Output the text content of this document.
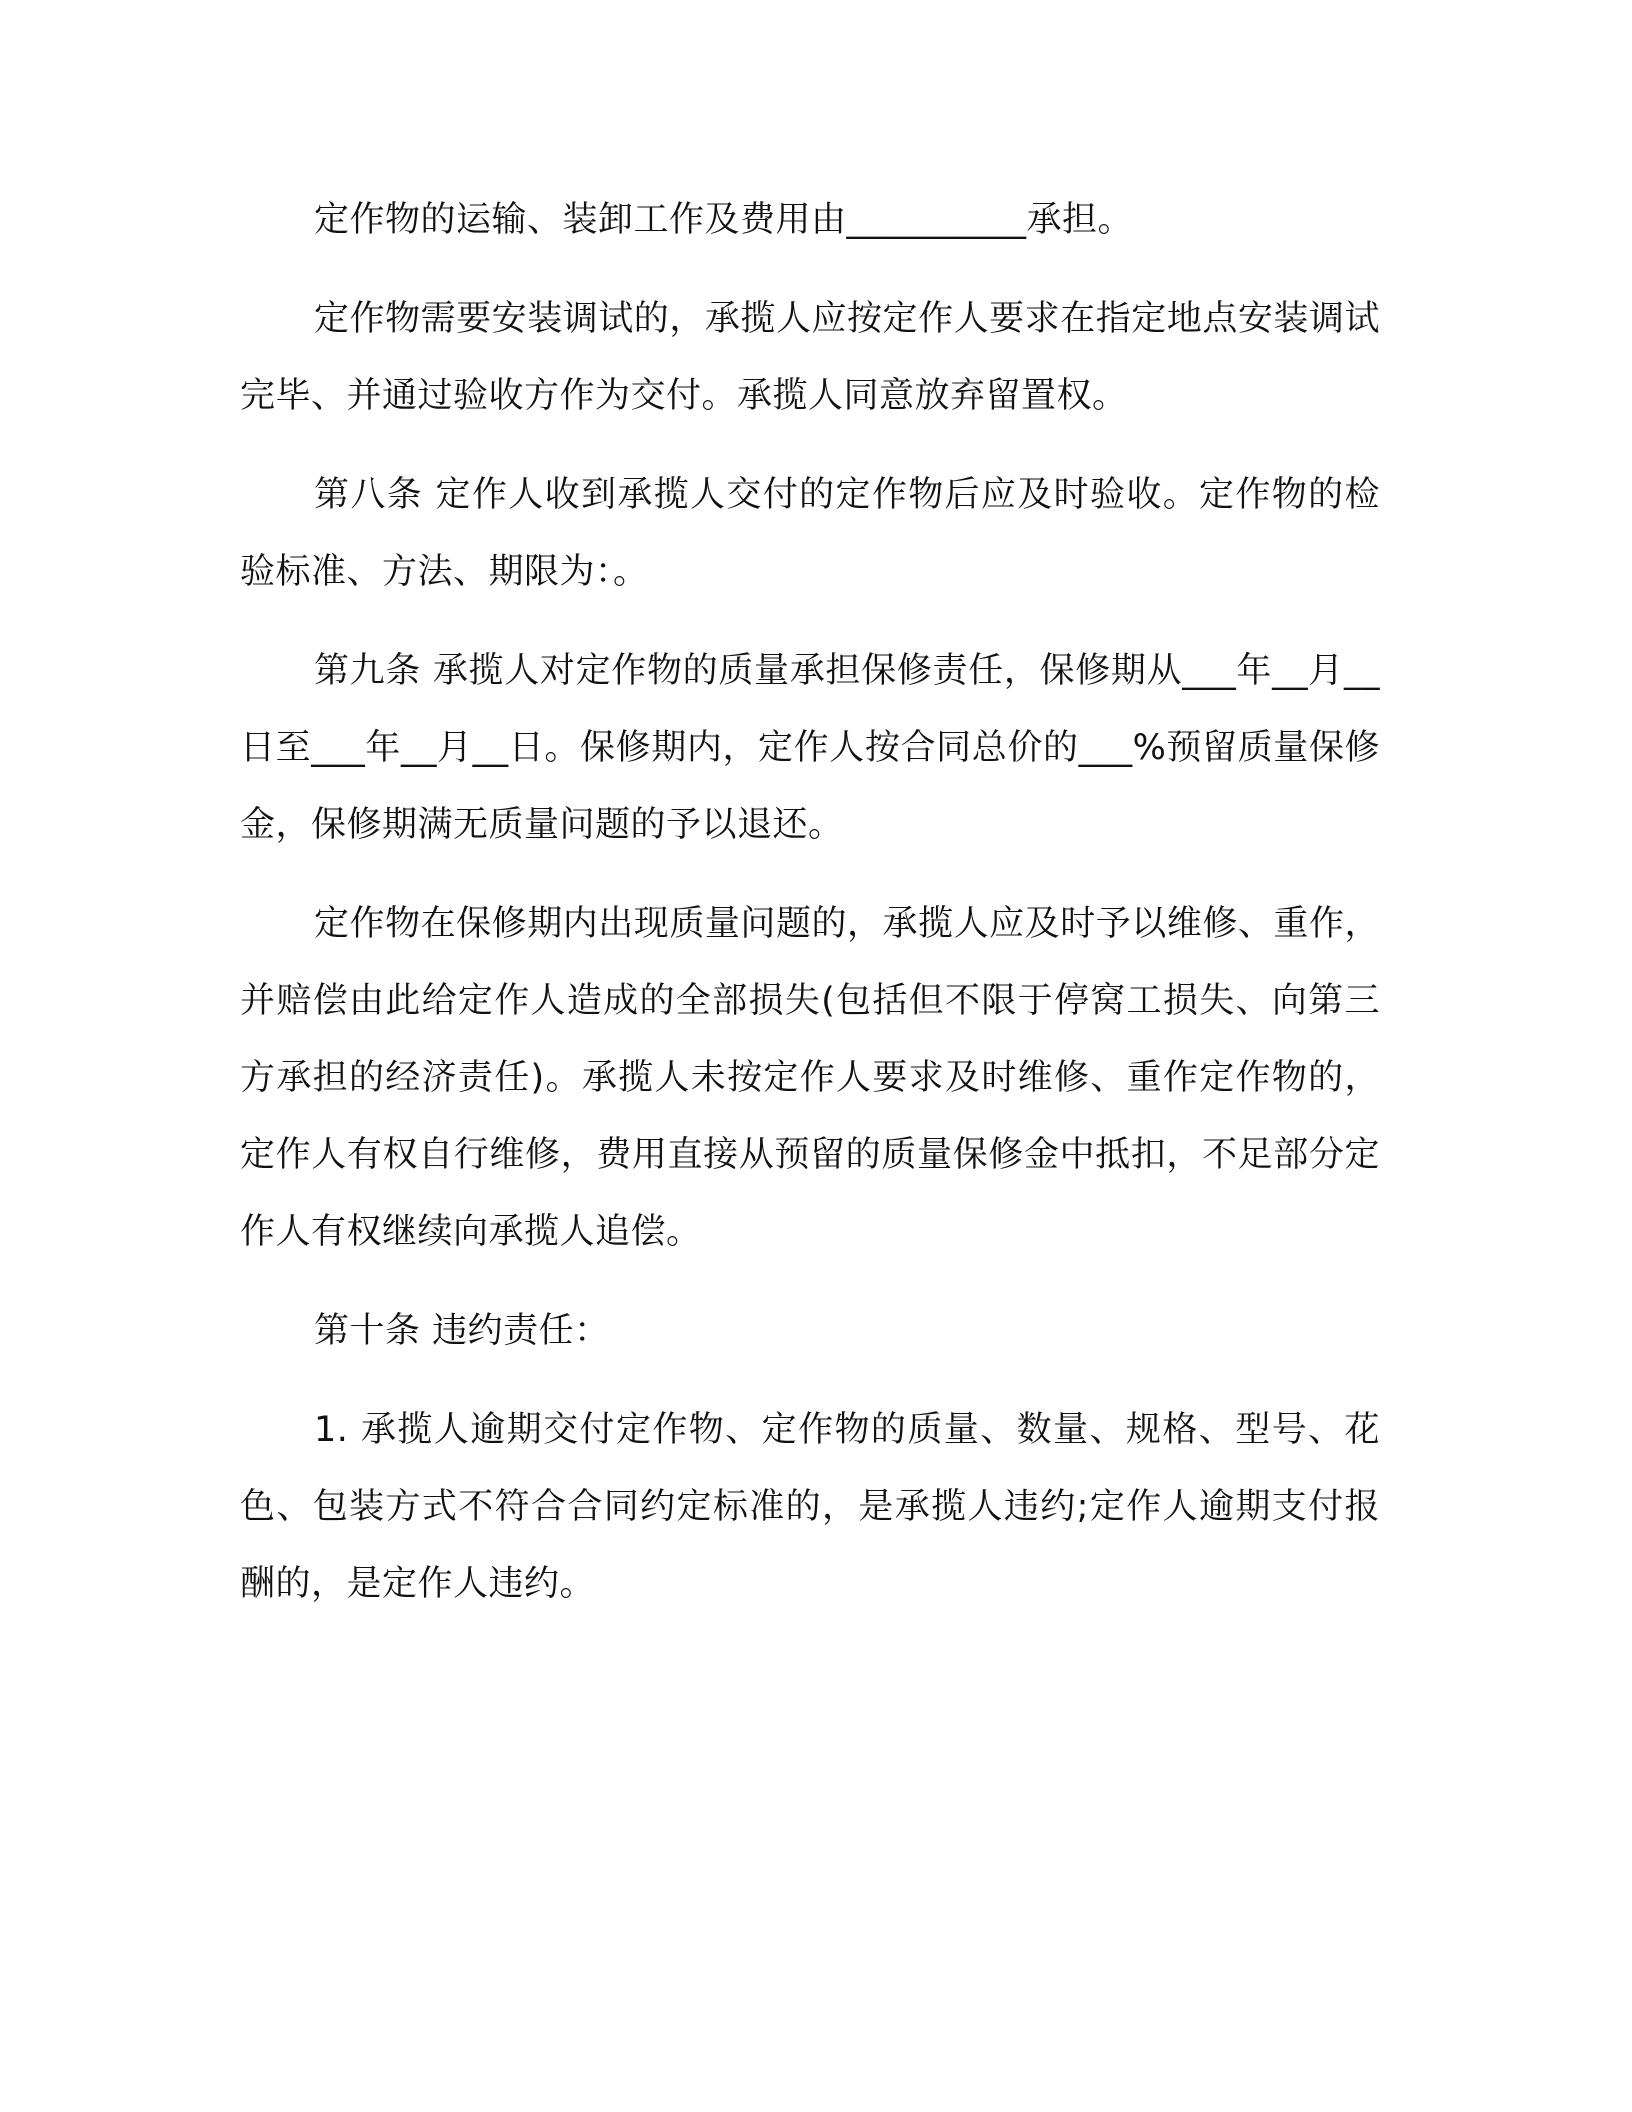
定作物的运输、装卸工作及费用由__________承担。

定作物需要安装调试的，承揽人应按定作人要求在指定地点安装调试完毕、并通过验收方作为交付。承揽人同意放弃留置权。

第八条 定作人收到承揽人交付的定作物后应及时验收。定作物的检验标准、方法、期限为：。

第九条 承揽人对定作物的质量承担保修责任，保修期从___年__月__日至___年__月__日。保修期内，定作人按合同总价的___%预留质量保修金，保修期满无质量问题的予以退还。

定作物在保修期内出现质量问题的，承揽人应及时予以维修、重作，并赔偿由此给定作人造成的全部损失(包括但不限于停窝工损失、向第三方承担的经济责任)。承揽人未按定作人要求及时维修、重作定作物的，定作人有权自行维修，费用直接从预留的质量保修金中抵扣，不足部分定作人有权继续向承揽人追偿。

第十条 违约责任：

1. 承揽人逾期交付定作物、定作物的质量、数量、规格、型号、花色、包装方式不符合合同约定标准的，是承揽人违约;定作人逾期支付报酬的，是定作人违约。
